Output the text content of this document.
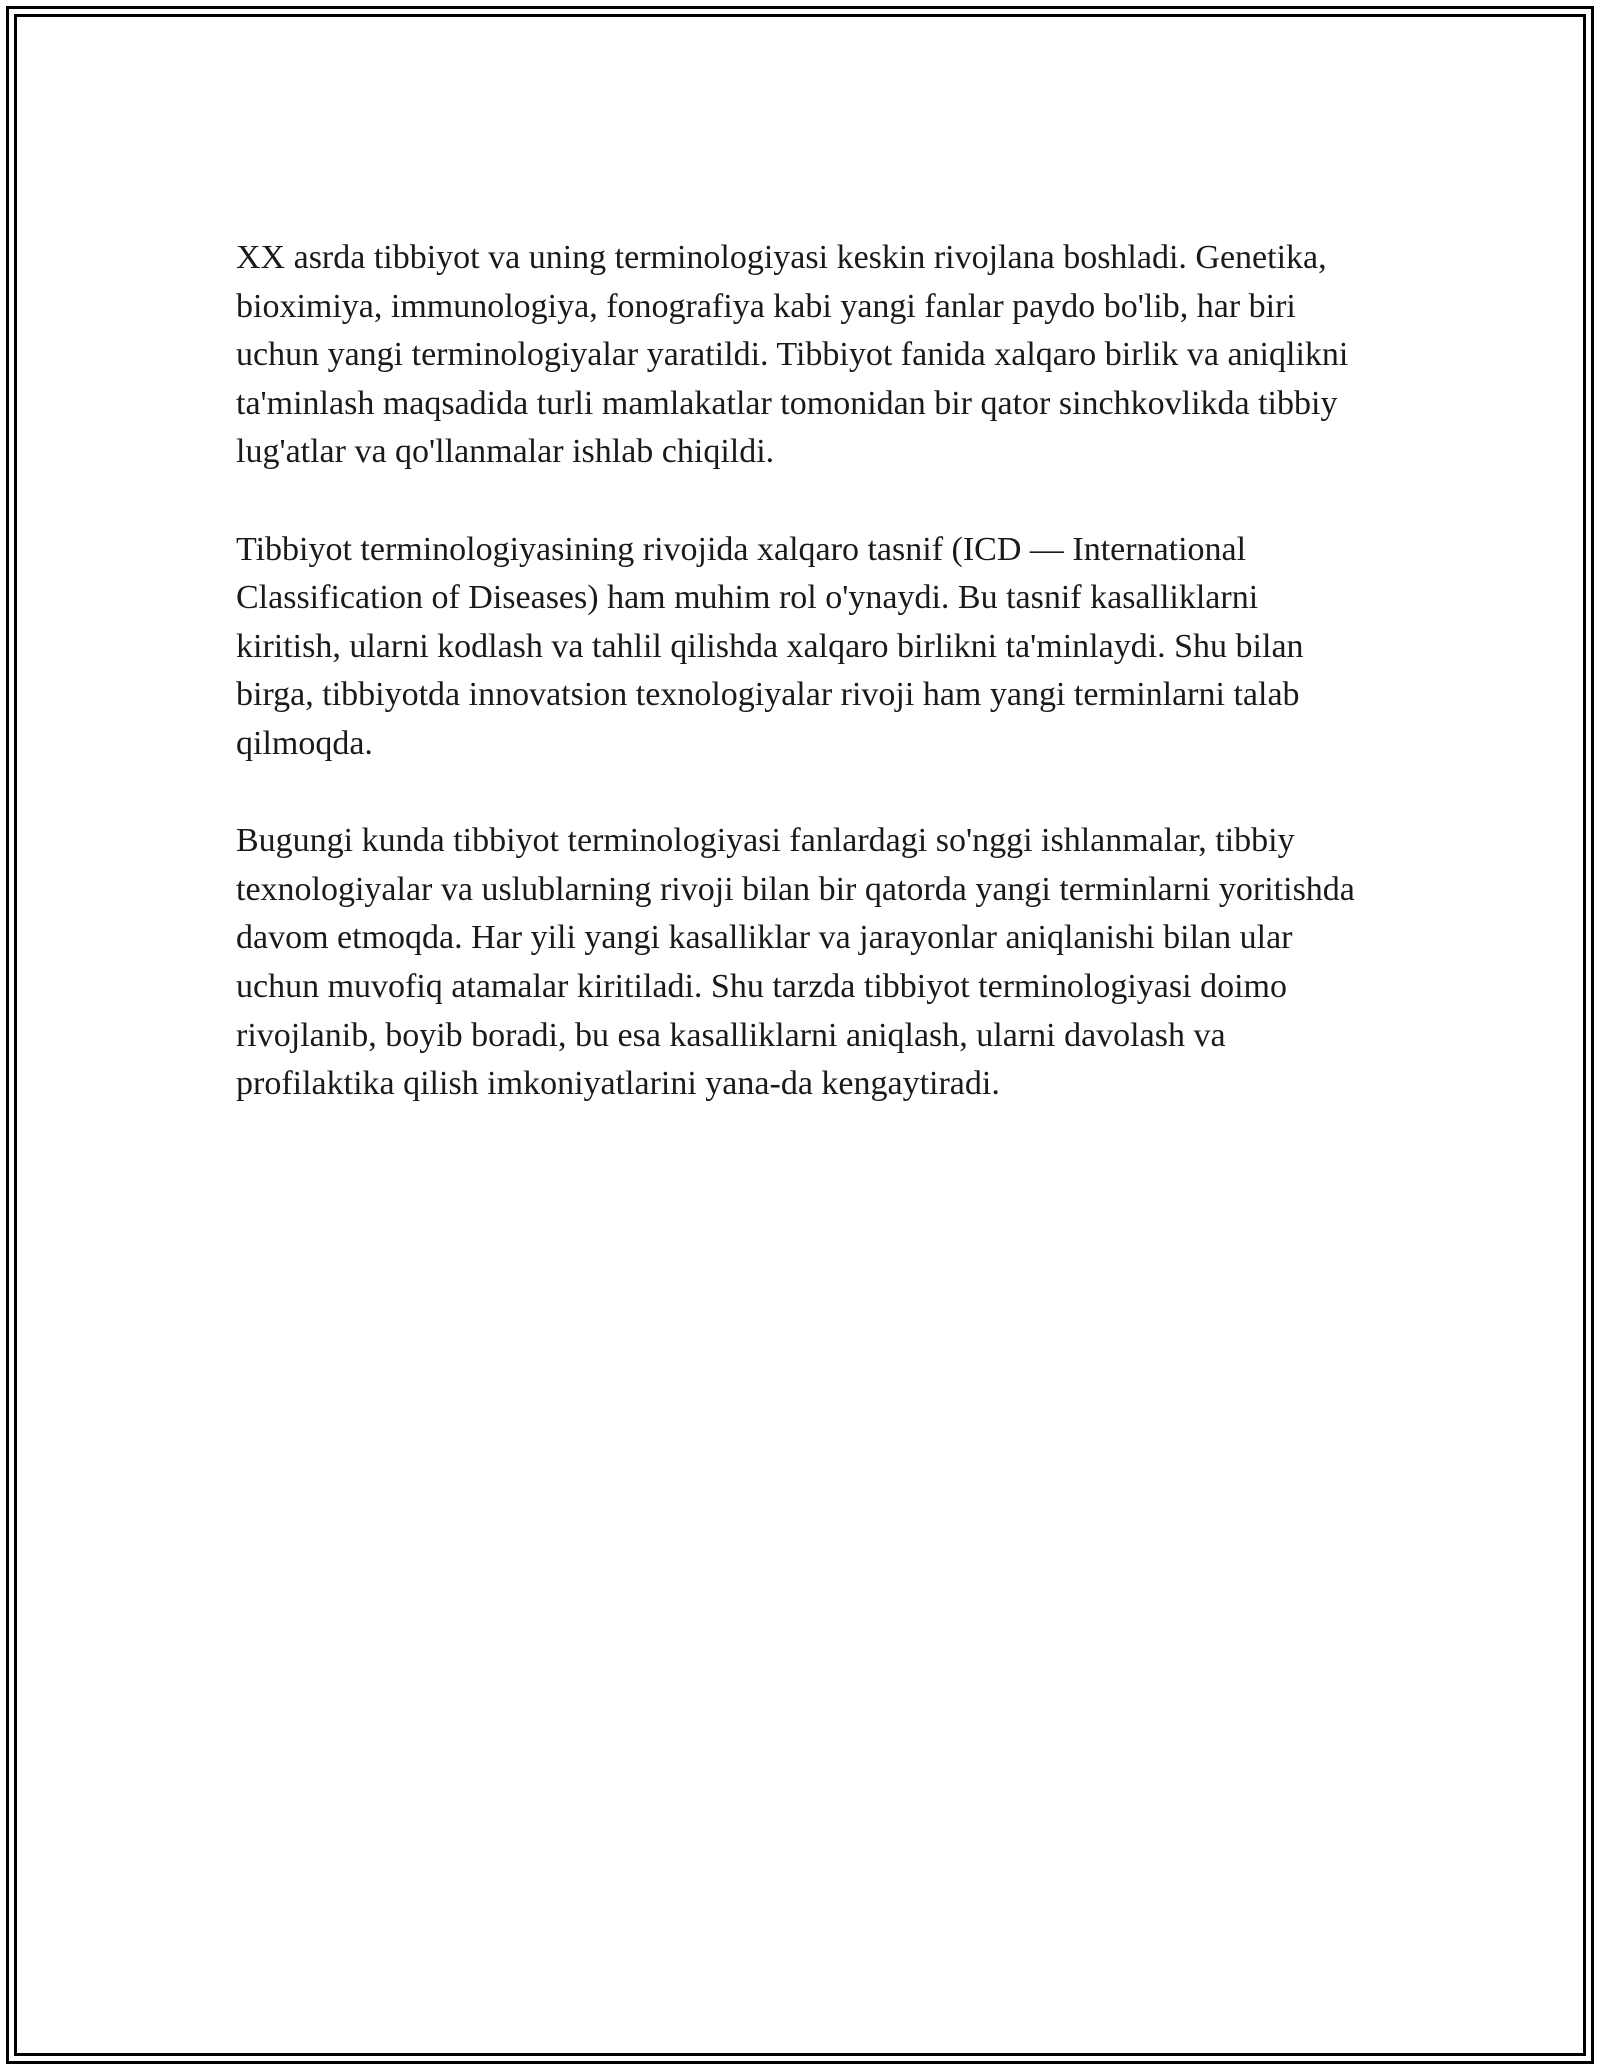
XX asrda tibbiyot va uning terminologiyasi keskin rivojlana boshladi. Genetika, bioximiya, immunologiya, fonografiya kabi yangi fanlar paydo bo'lib, har biri uchun yangi terminologiyalar yaratildi. Tibbiyot fanida xalqaro birlik va aniqlikni ta'minlash maqsadida turli mamlakatlar tomonidan bir qator sinchkovlikda tibbiy lug'atlar va qo'llanmalar ishlab chiqildi.

Tibbiyot terminologiyasining rivojida xalqaro tasnif (ICD — International Classification of Diseases) ham muhim rol o'ynaydi. Bu tasnif kasalliklarni kiritish, ularni kodlash va tahlil qilishda xalqaro birlikni ta'minlaydi. Shu bilan birga, tibbiyotda innovatsion texnologiyalar rivoji ham yangi terminlarni talab qilmoqda.

Bugungi kunda tibbiyot terminologiyasi fanlardagi so'nggi ishlanmalar, tibbiy texnologiyalar va uslublarning rivoji bilan bir qatorda yangi terminlarni yoritishda davom etmoqda. Har yili yangi kasalliklar va jarayonlar aniqlanishi bilan ular uchun muvofiq atamalar kiritiladi. Shu tarzda tibbiyot terminologiyasi doimo rivojlanib, boyib boradi, bu esa kasalliklarni aniqlash, ularni davolash va profilaktika qilish imkoniyatlarini yana-da kengaytiradi.
